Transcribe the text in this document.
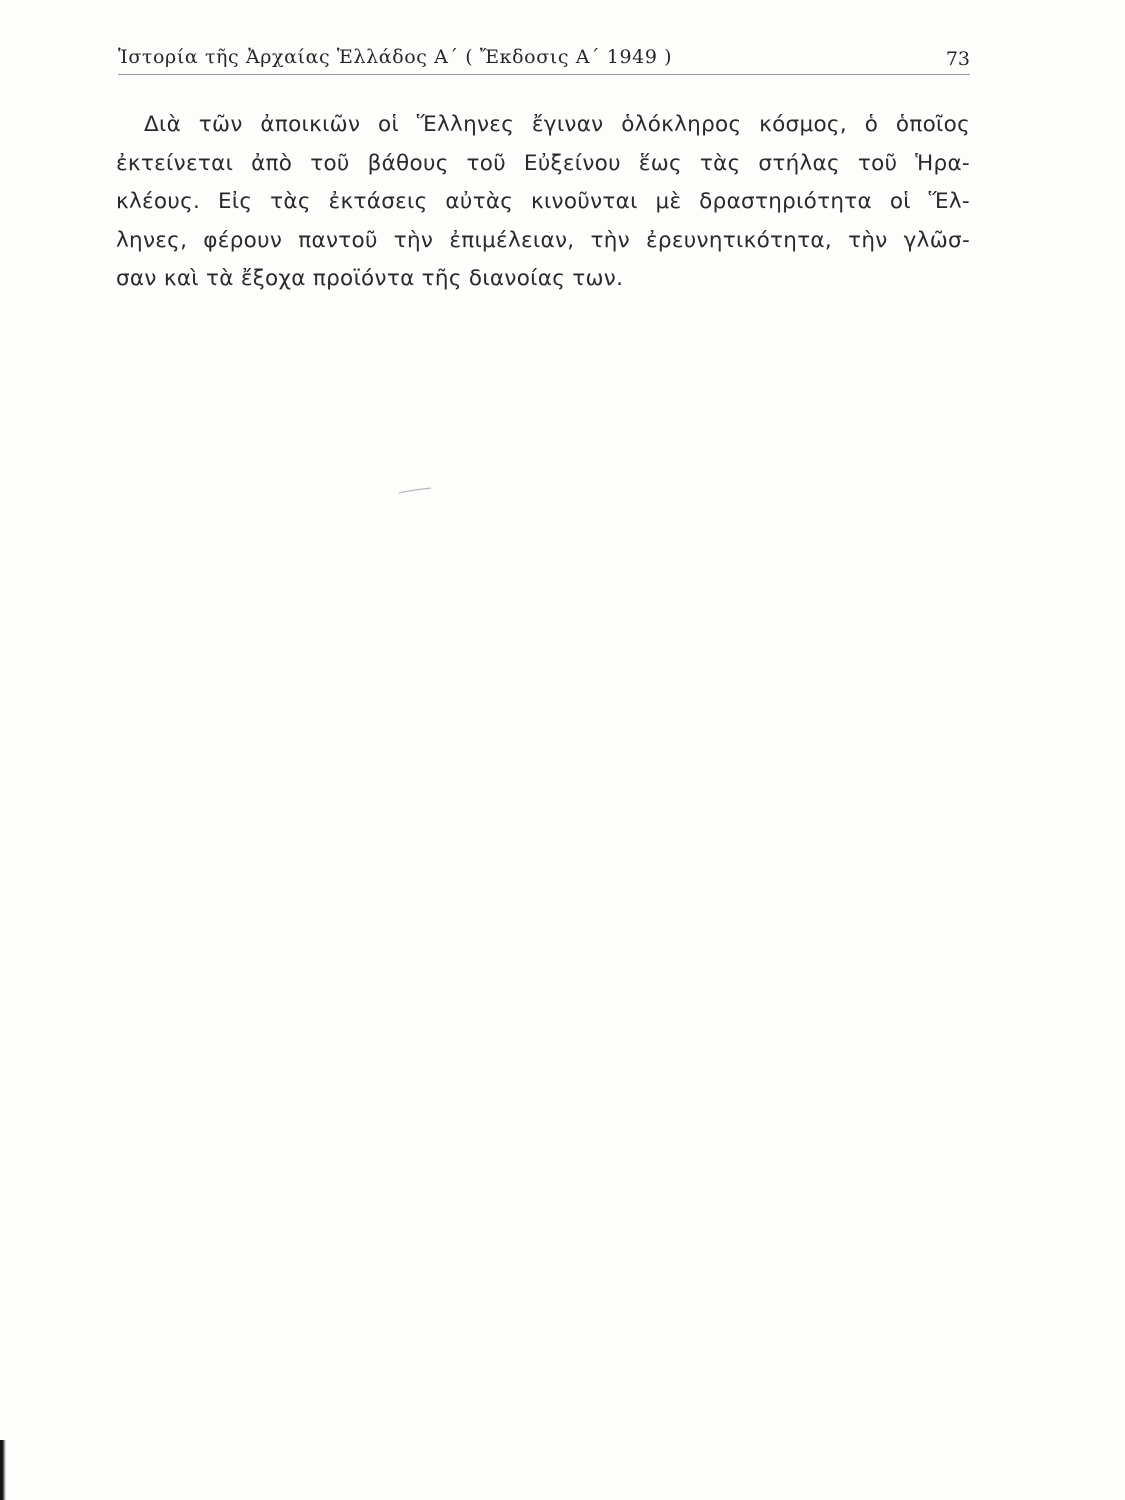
Ἱστορία τῆς Ἀρχαίας Ἑλλάδος Α΄ ( Ἔκδοσις Α΄ 1949 )	73
Διὰ τῶν ἀποικιῶν οἱ Ἕλληνες ἔγιναν ὁλόκληρος κόσμος, ὁ ὁποῖος
ἐκτείνεται ἀπὸ τοῦ βάθους τοῦ Εὐξείνου ἕως τὰς στήλας τοῦ Ἡρα-
κλέους. Εἰς τὰς ἐκτάσεις αὐτὰς κινοῦνται μὲ δραστηριότητα οἱ Ἕλ-
ληνες, φέρουν παντοῦ τὴν ἐπιμέλειαν, τὴν ἐρευνητικότητα, τὴν γλῶσ-
σαν καὶ τὰ ἔξοχα προϊόντα τῆς διανοίας των.
